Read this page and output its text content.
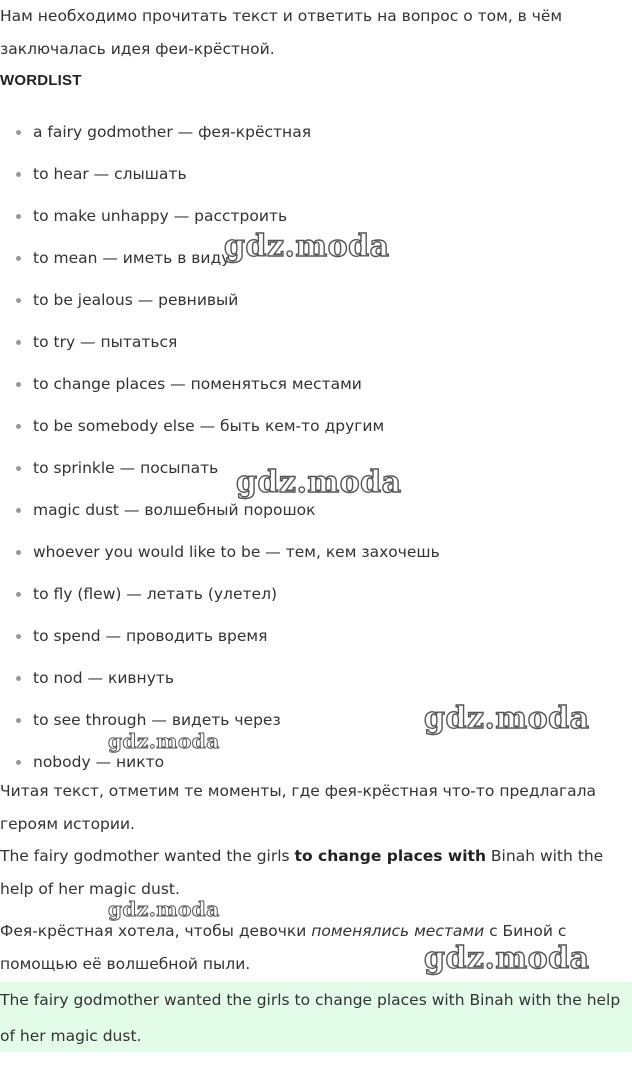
Нам необходимо прочитать текст и ответить на вопрос о том, в чём заключалась идея феи-крёстной.

WORDLIST

a fairy godmother — фея-крёстная
to hear — слышать
to make unhappy — расстроить
to mean — иметь в виду
to be jealous — ревнивый
to try — пытаться
to change places — поменяться местами
to be somebody else — быть кем-то другим
to sprinkle — посыпать
magic dust — волшебный порошок
whoever you would like to be — тем, кем захочешь
to fly (flew) — летать (улетел)
to spend — проводить время
to nod — кивнуть
to see through — видеть через
nobody — никто

Читая текст, отметим те моменты, где фея-крёстная что-то предлагала героям истории.

The fairy godmother wanted the girls to change places with Binah with the help of her magic dust.

Фея-крёстная хотела, чтобы девочки поменялись местами с Биной с помощью её волшебной пыли.

The fairy godmother wanted the girls to change places with Binah with the help of her magic dust.

gdz.moda
gdz.moda
gdz.moda
gdz.moda
gdz.moda
gdz.moda
